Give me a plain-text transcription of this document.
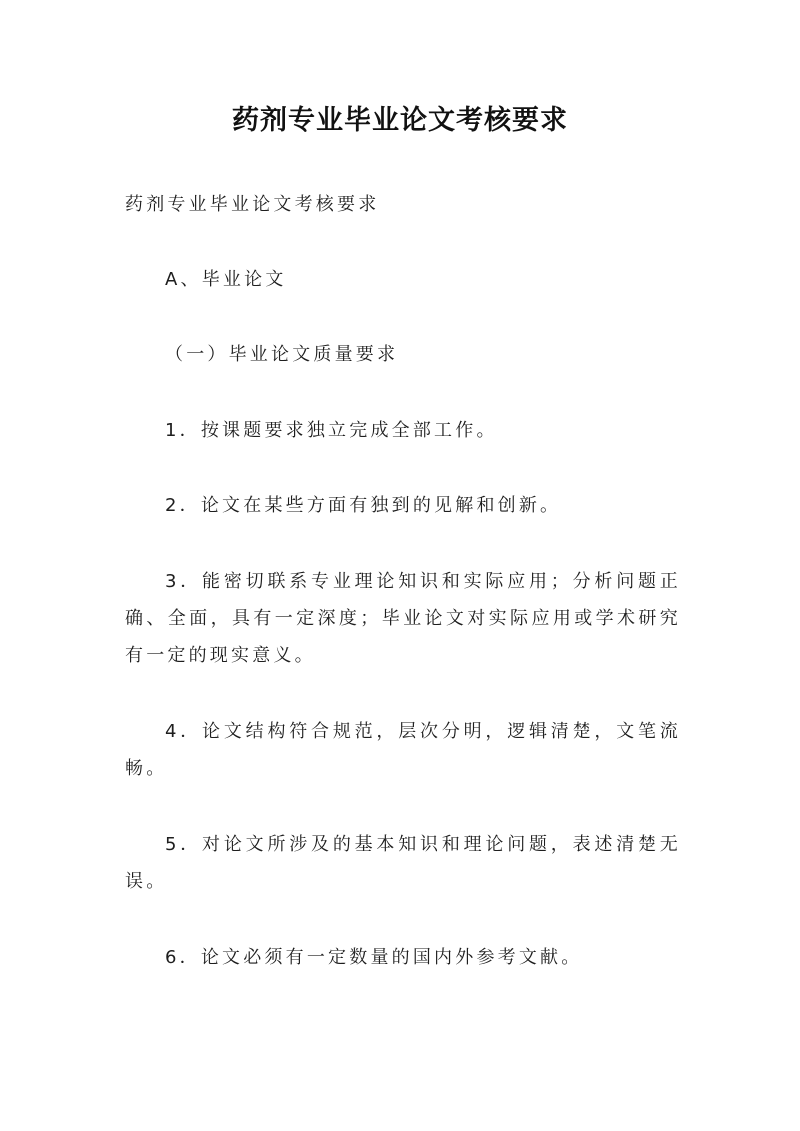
药剂专业毕业论文考核要求

药剂专业毕业论文考核要求

A、毕业论文

（一）毕业论文质量要求

1．按课题要求独立完成全部工作。

2．论文在某些方面有独到的见解和创新。

3．能密切联系专业理论知识和实际应用；分析问题正确、全面，具有一定深度；毕业论文对实际应用或学术研究有一定的现实意义。

4．论文结构符合规范，层次分明，逻辑清楚，文笔流畅。

5．对论文所涉及的基本知识和理论问题，表述清楚无误。

6．论文必须有一定数量的国内外参考文献。
